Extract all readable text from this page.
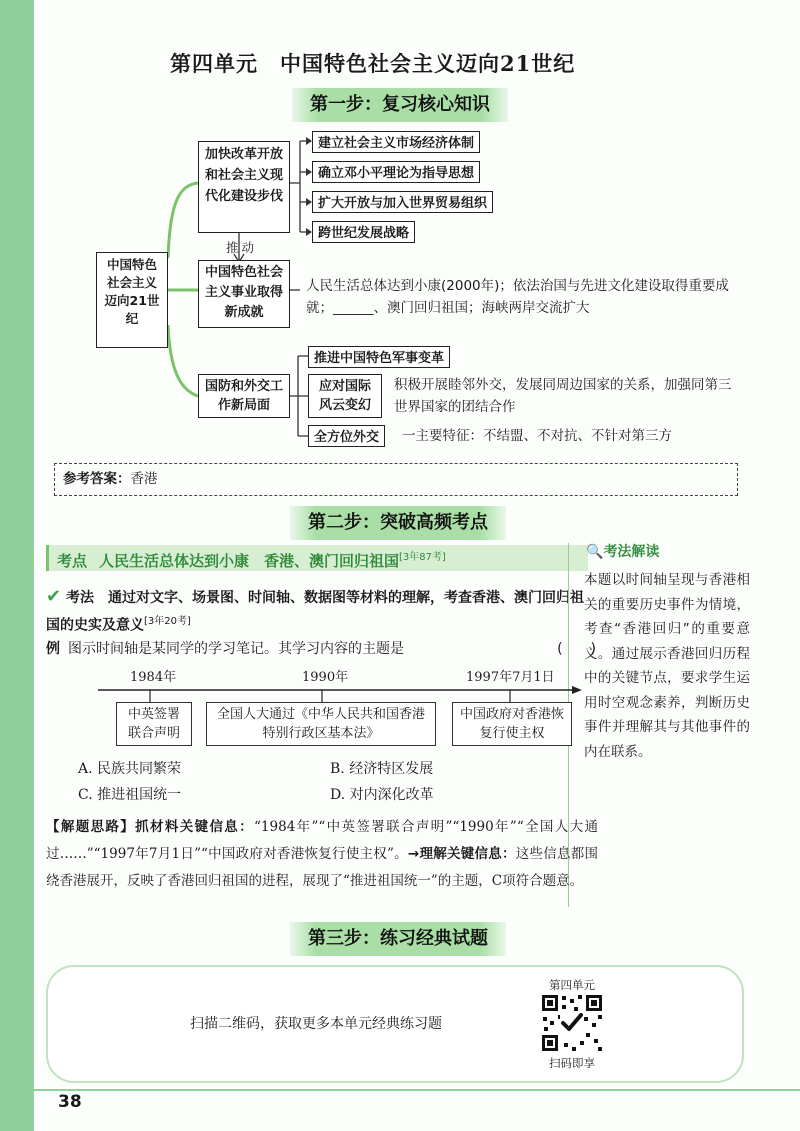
第四单元 中国特色社会主义迈向21世纪
第一步：复习核心知识
中国特色社会主义迈向21世纪
加快改革开放和社会主义现代化建设步伐
建立社会主义市场经济体制
确立邓小平理论为指导思想
扩大开放与加入世界贸易组织
跨世纪发展战略
推动
中国特色社会主义事业取得新成就
人民生活总体达到小康(2000年)；依法治国与先进文化建设取得重要成就；______、澳门回归祖国；海峡两岸交流扩大
国防和外交工作新局面
推进中国特色军事变革
应对国际风云变幻
积极开展睦邻外交，发展同周边国家的关系，加强同第三世界国家的团结合作
全方位外交	一主要特征：不结盟、不对抗、不针对第三方
参考答案：香港
第二步：突破高频考点
考点 人民生活总体达到小康　香港、澳门回归祖国[3年87考]
✔ 考法 通过对文字、场景图、时间轴、数据图等材料的理解，考查香港、澳门回归祖国的史实及意义[3年20考]
🔍考法解读
本题以时间轴呈现与香港相关的重要历史事件为情境，考查“香港回归”的重要意义。通过展示香港回归历程中的关键节点，要求学生运用时空观念素养，判断历史事件并理解其与其他事件的内在联系。
例 图示时间轴是某同学的学习笔记。其学习内容的主题是	(　　)
1984年	1990年	1997年7月1日
中英签署联合声明
全国人大通过《中华人民共和国香港特别行政区基本法》
中国政府对香港恢复行使主权
A. 民族共同繁荣	B. 经济特区发展
C. 推进祖国统一	D. 对内深化改革
【解题思路】抓材料关键信息：“1984年”“中英签署联合声明”“1990年”“全国人大通过……”“1997年7月1日”“中国政府对香港恢复行使主权”。→理解关键信息：这些信息都围绕香港展开，反映了香港回归祖国的进程，展现了“推进祖国统一”的主题，C项符合题意。
第三步：练习经典试题
扫描二维码，获取更多本单元经典练习题
第四单元
扫码即享
38
